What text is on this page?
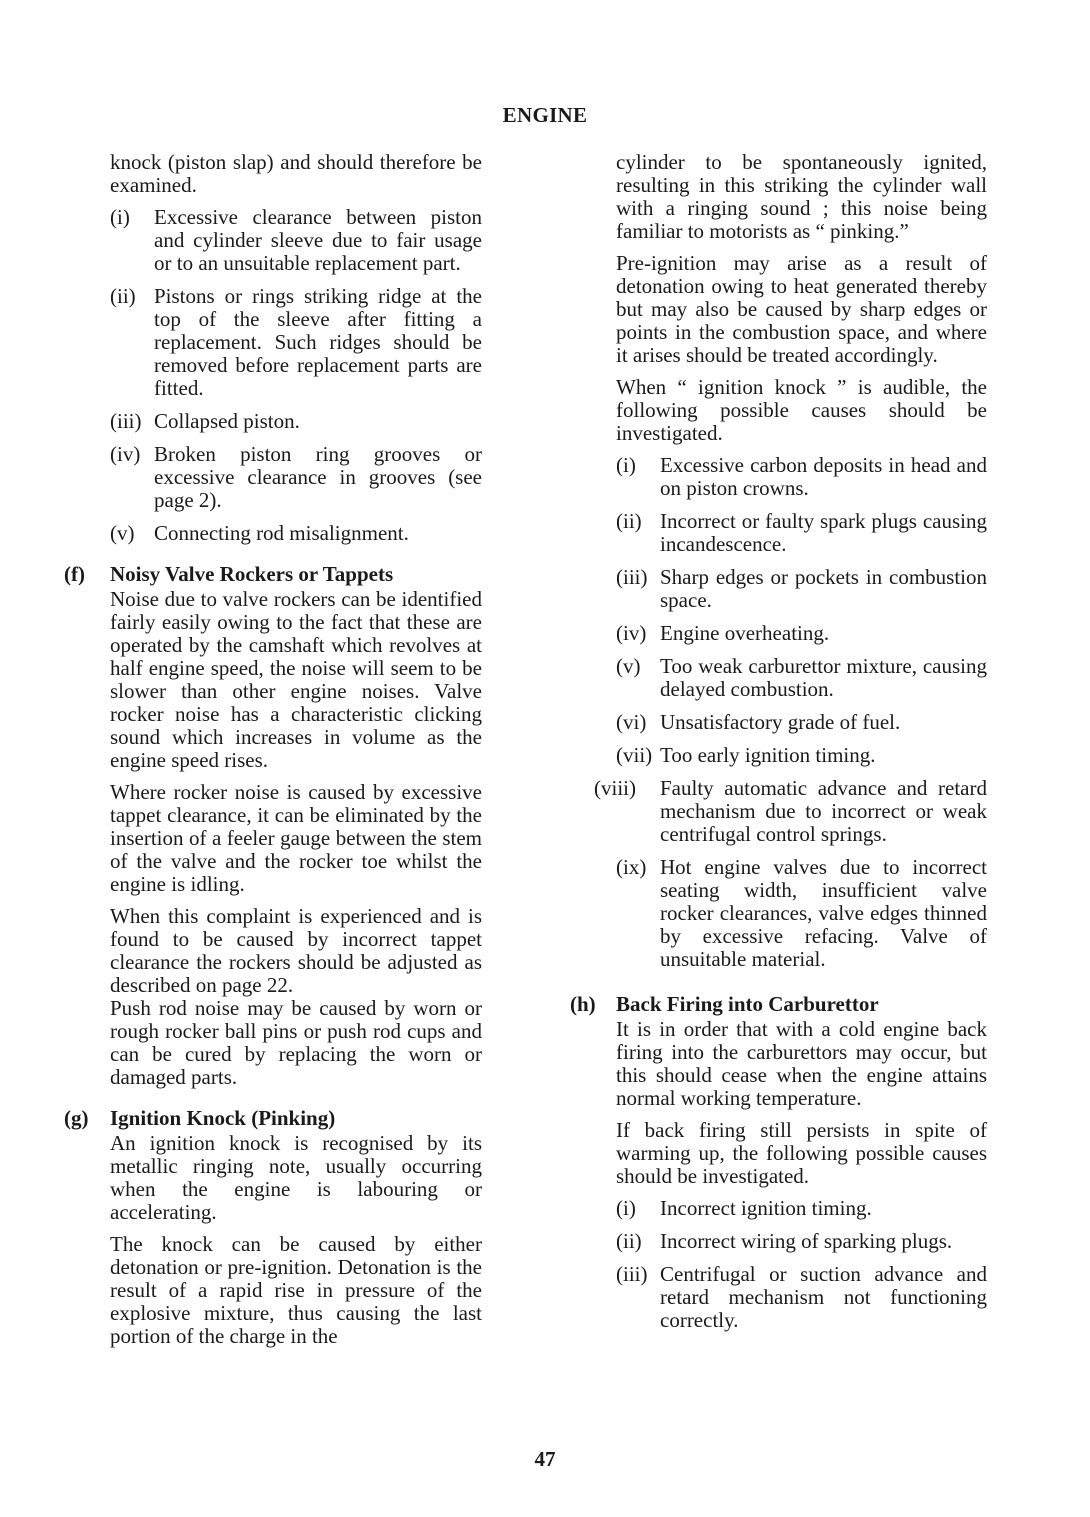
ENGINE

knock (piston slap) and should therefore be examined.

(i)	Excessive clearance between piston and cylinder sleeve due to fair usage or to an unsuitable replacement part.
(ii) Pistons or rings striking ridge at the top of the sleeve after fitting a replacement. Such ridges should be removed before replacement parts are fitted.
(iii) Collapsed piston.
(iv) Broken piston ring grooves or excessive clearance in grooves (see page 2).
(v) Connecting rod misalignment.
(f) Noisy Valve Rockers or Tappets

Noise due to valve rockers can be identified fairly easily owing to the fact that these are operated by the camshaft which revolves at half engine speed, the noise will seem to be slower than other engine noises. Valve rocker noise has a characteristic clicking sound which increases in volume as the engine speed rises.

Where rocker noise is caused by excessive tappet clearance, it can be eliminated by the insertion of a feeler gauge between the stem of the valve and the rocker toe whilst the engine is idling.

When this complaint is experienced and is found to be caused by incorrect tappet clearance the rockers should be adjusted as described on page 22.

Push rod noise may be caused by worn or rough rocker ball pins or push rod cups and can be cured by replacing the worn or damaged parts.

(g) Ignition Knock (Pinking)

An ignition knock is recognised by its metallic ringing note, usually occurring when the engine is labouring or accelerating.

The knock can be caused by either detonation or pre-ignition. Detonation is the result of a rapid rise in pressure of the explosive mixture, thus causing the last portion of the charge in the

cylinder to be spontaneously ignited, resulting in this striking the cylinder wall with a ringing sound ; this noise being familiar to motorists as “ pinking.”

Pre-ignition may arise as a result of detonation owing to heat generated thereby but may also be caused by sharp edges or points in the combustion space, and where it arises should be treated accordingly.

When “ ignition knock ” is audible, the following possible causes should be investigated.

(i)	Excessive carbon deposits in head and on piston crowns.
(ii) Incorrect or faulty spark plugs causing incandescence.
(iii) Sharp edges or pockets in combustion space.
(iv) Engine overheating.
(v) Too weak carburettor mixture, causing delayed combustion.
(vi) Unsatisfactory grade of fuel.
(vii) Too early ignition timing.
(viii)	Faulty automatic advance and retard mechanism due to incorrect or weak centrifugal control springs.
(ix) Hot engine valves due to incorrect seating width, insufficient valve rocker clearances, valve edges thinned by excessive refacing. Valve of unsuitable material.
(h) Back Firing into Carburettor

It is in order that with a cold engine back firing into the carburettors may occur, but this should cease when the engine attains normal working temperature.

If back firing still persists in spite of warming up, the following possible causes should be investigated.

(i)	Incorrect ignition timing.
(ii) Incorrect wiring of sparking plugs.
(iii) Centrifugal or suction advance and retard mechanism not functioning correctly.
47
